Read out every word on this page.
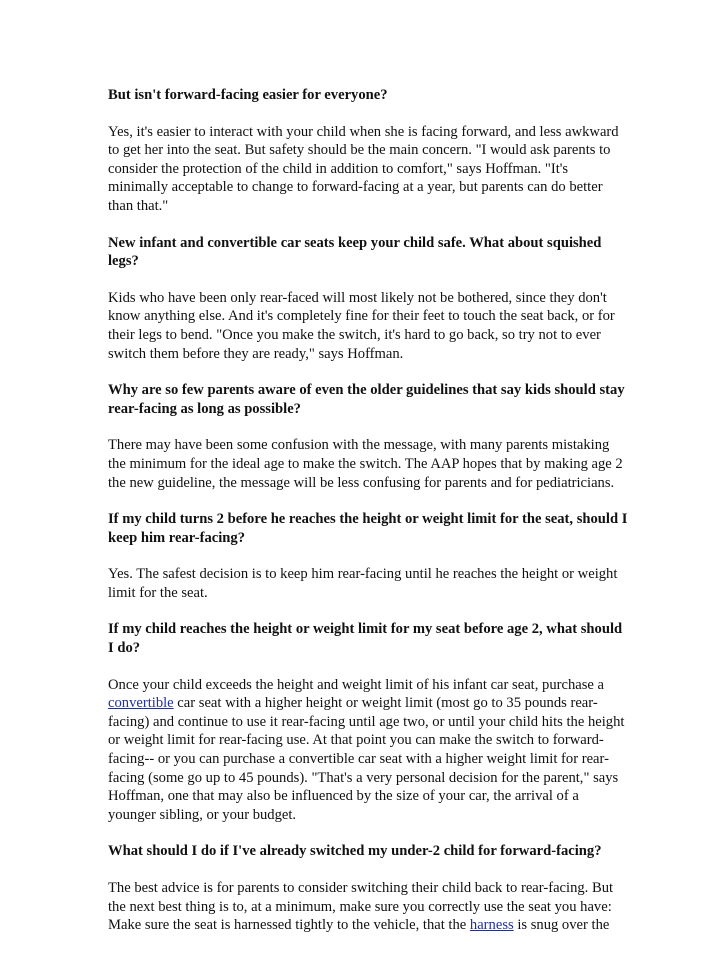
But isn't forward-facing easier for everyone?

Yes, it's easier to interact with your child when she is facing forward, and less awkward to get her into the seat. But safety should be the main concern. "I would ask parents to consider the protection of the child in addition to comfort," says Hoffman. "It's minimally acceptable to change to forward-facing at a year, but parents can do better than that."

New infant and convertible car seats keep your child safe. What about squished legs?

Kids who have been only rear-faced will most likely not be bothered, since they don't know anything else. And it's completely fine for their feet to touch the seat back, or for their legs to bend. "Once you make the switch, it's hard to go back, so try not to ever switch them before they are ready," says Hoffman.

Why are so few parents aware of even the older guidelines that say kids should stay rear-facing as long as possible?

There may have been some confusion with the message, with many parents mistaking the minimum for the ideal age to make the switch. The AAP hopes that by making age 2 the new guideline, the message will be less confusing for parents and for pediatricians.

If my child turns 2 before he reaches the height or weight limit for the seat, should I keep him rear-facing?

Yes. The safest decision is to keep him rear-facing until he reaches the height or weight limit for the seat.

If my child reaches the height or weight limit for my seat before age 2, what should I do?

Once your child exceeds the height and weight limit of his infant car seat, purchase a convertible car seat with a higher height or weight limit (most go to 35 pounds rear-facing) and continue to use it rear-facing until age two, or until your child hits the height or weight limit for rear-facing use. At that point you can make the switch to forward-facing-- or you can purchase a convertible car seat with a higher weight limit for rear-facing (some go up to 45 pounds). "That's a very personal decision for the parent," says Hoffman, one that may also be influenced by the size of your car, the arrival of a younger sibling, or your budget.

What should I do if I've already switched my under-2 child for forward-facing?

The best advice is for parents to consider switching their child back to rear-facing. But the next best thing is to, at a minimum, make sure you correctly use the seat you have: Make sure the seat is harnessed tightly to the vehicle, that the harness is snug over the
